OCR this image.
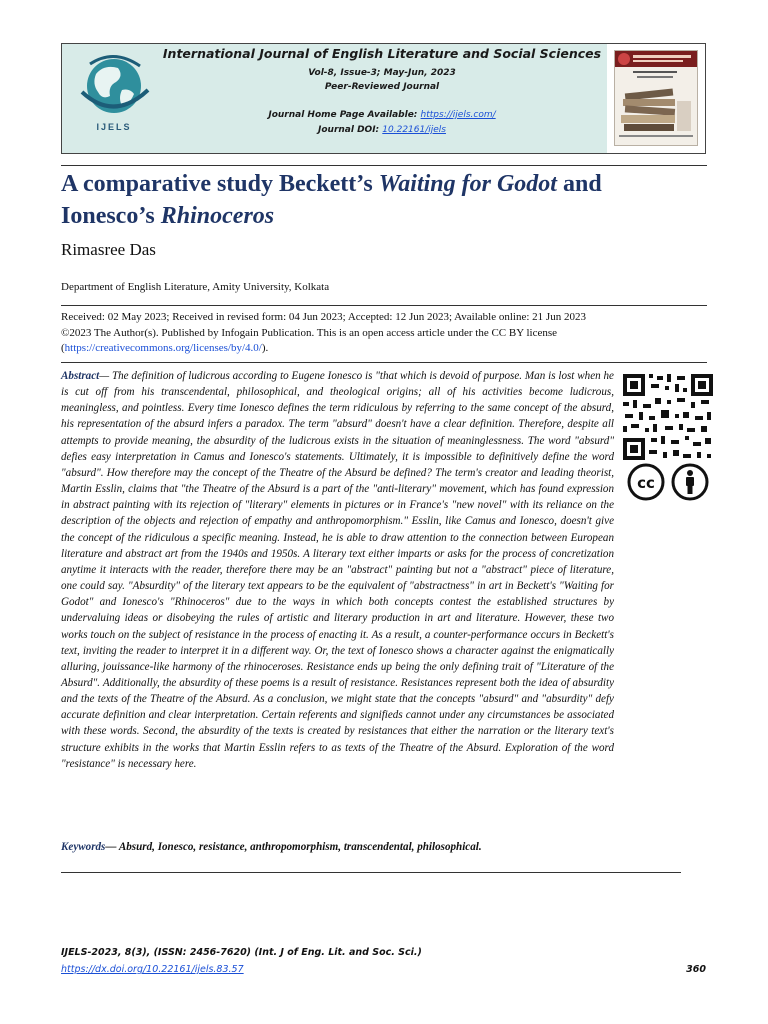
IJELS
International Journal of English Literature and Social Sciences
Vol-8, Issue-3; May-Jun, 2023
Peer-Reviewed Journal
Journal Home Page Available: https://ijels.com/
Journal DOI: 10.22161/ijels
A comparative study Beckett’s Waiting for Godot and Ionesco’s Rhinoceros
Rimasree Das
Department of English Literature, Amity University, Kolkata
Received: 02 May 2023; Received in revised form: 04 Jun 2023; Accepted: 12 Jun 2023; Available online: 21 Jun 2023
©2023 The Author(s). Published by Infogain Publication. This is an open access article under the CC BY license
(https://creativecommons.org/licenses/by/4.0/).
Abstract— The definition of ludicrous according to Eugene Ionesco is "that which is devoid of purpose. Man is lost when he is cut off from his transcendental, philosophical, and theological origins; all of his activities become ludicrous, meaningless, and pointless. Every time Ionesco defines the term ridiculous by referring to the same concept of the absurd, his representation of the absurd infers a paradox. The term "absurd" doesn't have a clear definition. Therefore, despite all attempts to provide meaning, the absurdity of the ludicrous exists in the situation of meaninglessness. The word "absurd" defies easy interpretation in Camus and Ionesco's statements. Ultimately, it is impossible to definitively define the word "absurd". How therefore may the concept of the Theatre of the Absurd be defined? The term's creator and leading theorist, Martin Esslin, claims that "the Theatre of the Absurd is a part of the "anti-literary" movement, which has found expression in abstract painting with its rejection of "literary" elements in pictures or in France's "new novel" with its reliance on the description of the objects and rejection of empathy and anthropomorphism." Esslin, like Camus and Ionesco, doesn't give the concept of the ridiculous a specific meaning. Instead, he is able to draw attention to the connection between European literature and abstract art from the 1940s and 1950s. A literary text either imparts or asks for the process of concretization anytime it interacts with the reader, therefore there may be an "abstract" painting but not a "abstract" piece of literature, one could say. "Absurdity" of the literary text appears to be the equivalent of "abstractness" in art in Beckett's "Waiting for Godot" and Ionesco's "Rhinoceros" due to the ways in which both concepts contest the established structures by undervaluing ideas or disobeying the rules of artistic and literary production in art and literature. However, these two works touch on the subject of resistance in the process of enacting it. As a result, a counter-performance occurs in Beckett's text, inviting the reader to interpret it in a different way. Or, the text of Ionesco shows a character against the enigmatically alluring, jouissance-like harmony of the rhinoceroses. Resistance ends up being the only defining trait of "Literature of the Absurd". Additionally, the absurdity of these poems is a result of resistance. Resistances represent both the idea of absurdity and the texts of the Theatre of the Absurd. As a conclusion, we might state that the concepts "absurd" and "absurdity" defy accurate definition and clear interpretation. Certain referents and signifieds cannot under any circumstances be associated with these words. Second, the absurdity of the texts is created by resistances that either the narration or the literary text's structure exhibits in the works that Martin Esslin refers to as texts of the Theatre of the Absurd. Exploration of the word "resistance" is necessary here.
cc
Keywords— Absurd, Ionesco, resistance, anthropomorphism, transcendental, philosophical.
IJELS-2023, 8(3), (ISSN: 2456-7620) (Int. J of Eng. Lit. and Soc. Sci.)
https://dx.doi.org/10.22161/ijels.83.57	360
